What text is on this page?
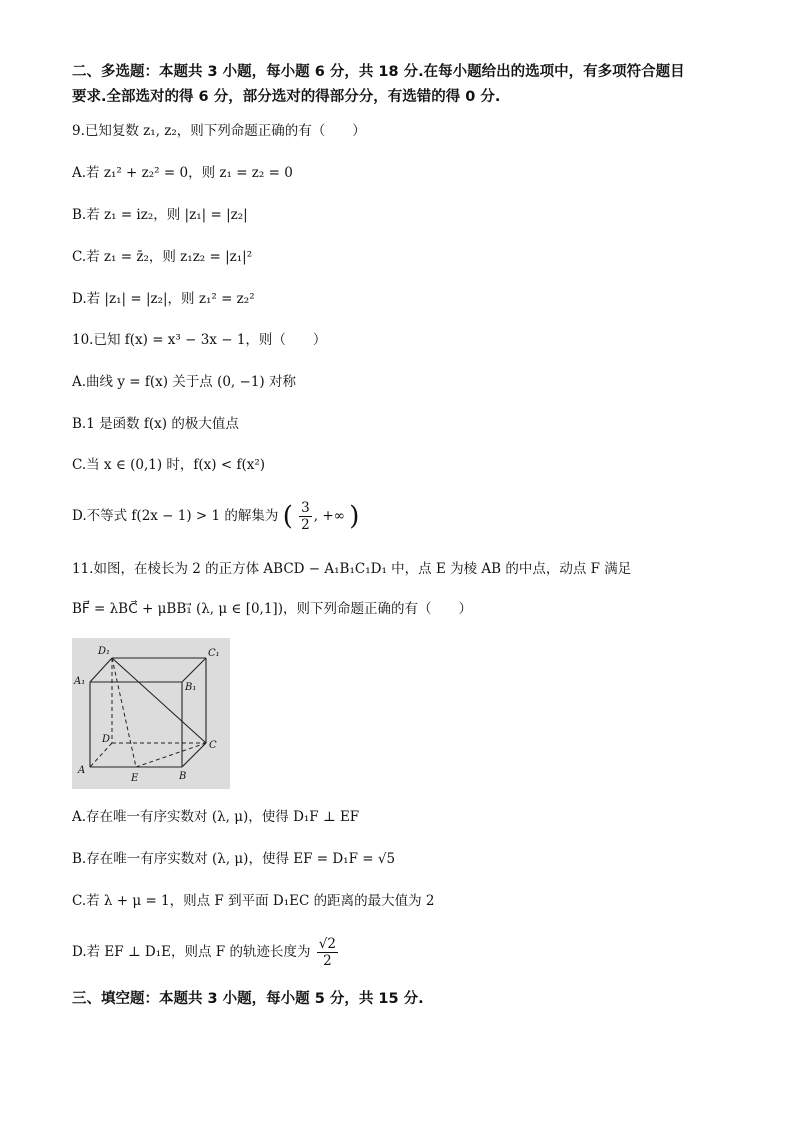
二、多选题：本题共 3 小题，每小题 6 分，共 18 分.在每小题给出的选项中，有多项符合题目
要求.全部选对的得 6 分，部分选对的得部分分，有选错的得 0 分.
9.已知复数 z₁, z₂，则下列命题正确的有（　　）
A.若 z₁² + z₂² = 0，则 z₁ = z₂ = 0
B.若 z₁ = iz₂，则 |z₁| = |z₂|
C.若 z₁ = z̄₂，则 z₁z₂ = |z₁|²
D.若 |z₁| = |z₂|，则 z₁² = z₂²
10.已知 f(x) = x³ − 3x − 1，则（　　）
A.曲线 y = f(x) 关于点 (0, −1) 对称
B.1 是函数 f(x) 的极大值点
C.当 x ∈ (0,1) 时，f(x) < f(x²)
D.不等式 f(2x − 1) > 1 的解集为 ( $\frac{3}{2}$ , +∞ )
11.如图，在棱长为 2 的正方体 ABCD − A₁B₁C₁D₁ 中，点 E 为棱 AB 的中点，动点 F 满足
BF⃗ = λBC⃗ + μBB₁⃗ (λ, μ ∈ [0,1])，则下列命题正确的有（　　）
D₁	C₁
A₁
B₁
D
C
A
E	B
A.存在唯一有序实数对 (λ, μ)，使得 D₁F ⊥ EF
B.存在唯一有序实数对 (λ, μ)，使得 EF = D₁F = √5
C.若 λ + μ = 1，则点 F 到平面 D₁EC 的距离的最大值为 2
D.若 EF ⊥ D₁E，则点 F 的轨迹长度为 $\frac{√2}{2}$
三、填空题：本题共 3 小题，每小题 5 分，共 15 分.
